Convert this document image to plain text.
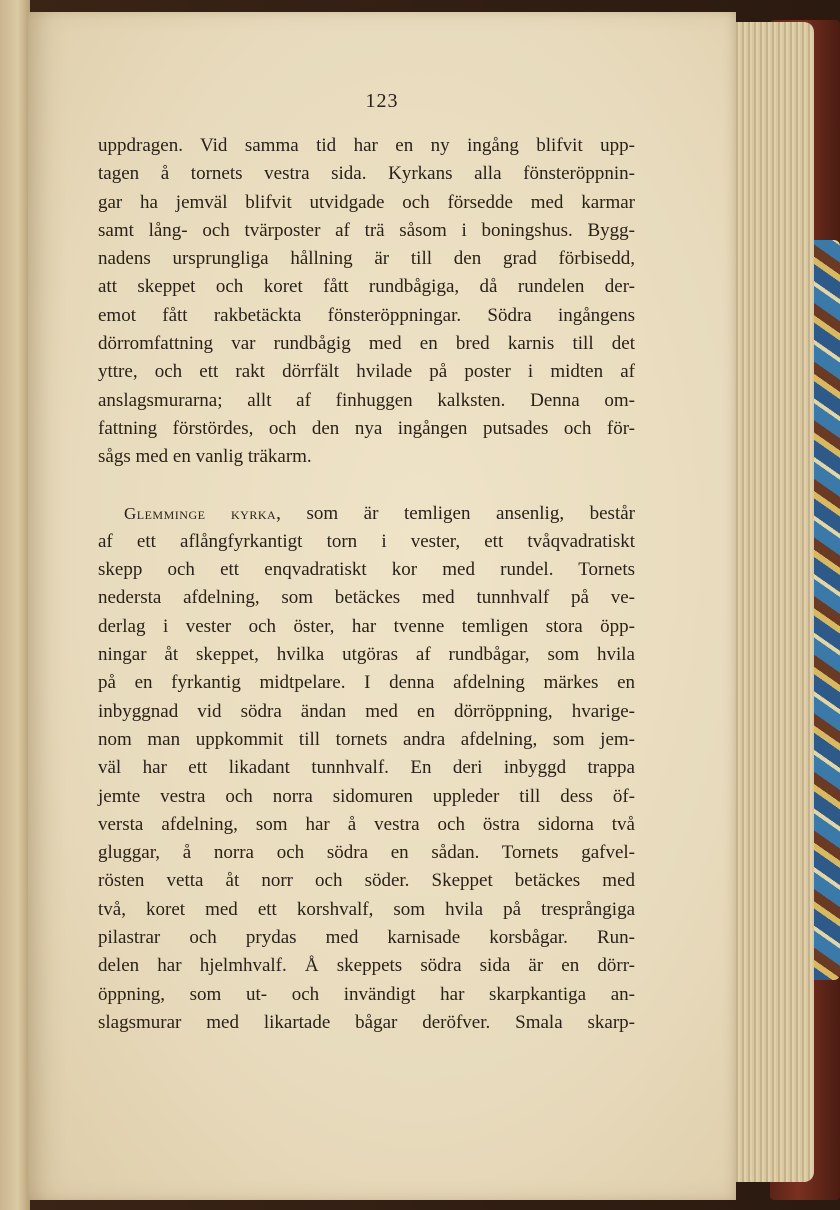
123
uppdragen. Vid samma tid har en ny ingång blifvit upp-
tagen å tornets vestra sida. Kyrkans alla fönsteröppnin-
gar ha jemväl blifvit utvidgade och försedde med karmar
samt lång- och tvärposter af trä såsom i boningshus. Bygg-
nadens ursprungliga hållning är till den grad förbisedd,
att skeppet och koret fått rundbågiga, då rundelen der-
emot fått rakbetäckta fönsteröppningar. Södra ingångens
dörromfattning var rundbågig med en bred karnis till det
yttre, och ett rakt dörrfält hvilade på poster i midten af
anslagsmurarna; allt af finhuggen kalksten. Denna om-
fattning förstördes, och den nya ingången putsades och för-
sågs med en vanlig träkarm.
Glemminge kyrka, som är temligen ansenlig, består
af ett aflångfyrkantigt torn i vester, ett tvåqvadratiskt
skepp och ett enqvadratiskt kor med rundel. Tornets
nedersta afdelning, som betäckes med tunnhvalf på ve-
derlag i vester och öster, har tvenne temligen stora öpp-
ningar åt skeppet, hvilka utgöras af rundbågar, som hvila
på en fyrkantig midtpelare. I denna afdelning märkes en
inbyggnad vid södra ändan med en dörröppning, hvarige-
nom man uppkommit till tornets andra afdelning, som jem-
väl har ett likadant tunnhvalf. En deri inbyggd trappa
jemte vestra och norra sidomuren uppleder till dess öf-
versta afdelning, som har å vestra och östra sidorna två
gluggar, å norra och södra en sådan. Tornets gafvel-
rösten vetta åt norr och söder. Skeppet betäckes med
två, koret med ett korshvalf, som hvila på tresprångiga
pilastrar och prydas med karnisade korsbågar. Run-
delen har hjelmhvalf. Å skeppets södra sida är en dörr-
öppning, som ut- och invändigt har skarpkantiga an-
slagsmurar med likartade bågar deröfver. Smala skarp-
